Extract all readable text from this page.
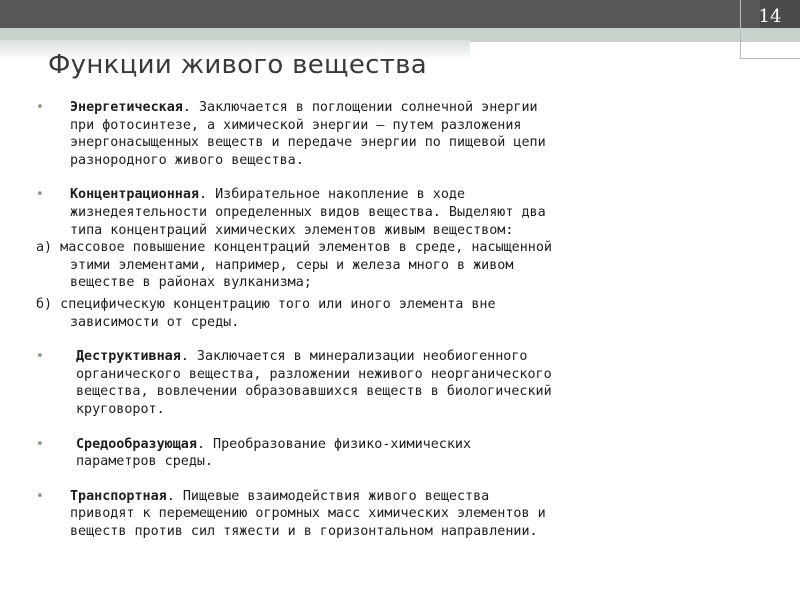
14
Функции живого вещества
• Энергетическая. Заключается в поглощении солнечной энергии
при фотосинтезе, а химической энергии – путем разложения
энергонасыщенных веществ и передаче энергии по пищевой цепи
разнородного живого вещества.
• Концентрационная. Избирательное накопление в ходе
жизнедеятельности определенных видов вещества. Выделяют два
типа концентраций химических элементов живым веществом:
а) массовое повышение концентраций элементов в среде, насыщенной

этими элементами, например, серы и железа много в живом
веществе в районах вулканизма;
б) специфическую концентрацию того или иного элемента вне

зависимости от среды.
• Деструктивная. Заключается в минерализации необиогенного
органического вещества, разложении неживого неорганического
вещества, вовлечении образовавшихся веществ в биологический
круговорот.
• Средообразующая. Преобразование физико-химических
параметров среды.
• Транспортная. Пищевые взаимодействия живого вещества
приводят к перемещению огромных масс химических элементов и
веществ против сил тяжести и в горизонтальном направлении.
